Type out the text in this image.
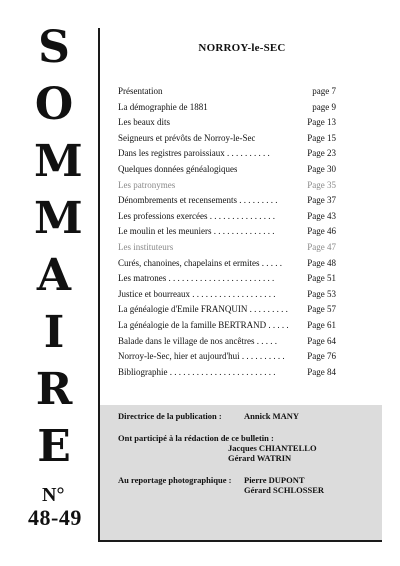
S
O
M
M
A
I
R
E
N°
48-49
NORROY-le-SEC
Présentation	page 7
La démographie de 1881	page 9
Les beaux dits	Page 13
Seigneurs et prévôts de Norroy-le-Sec	Page 15
Dans les registres paroissiaux . . . . . . . . . .	Page 23
Quelques données généalogiques	Page 30
Les patronymes	Page 35
Dénombrements et recensements . . . . . . . . .	Page 37
Les professions exercées . . . . . . . . . . . . . . .	Page 43
Le moulin et les meuniers . . . . . . . . . . . . . .	Page 46
Les instituteurs	Page 47
Curés, chanoines, chapelains et ermites . . . . .	Page 48
Les matrones . . . . . . . . . . . . . . . . . . . . . . . .	Page 51
Justice et bourreaux . . . . . . . . . . . . . . . . . . .	Page 53
La généalogie d'Emile FRANQUIN . . . . . . . . .	Page 57
La généalogie de la famille BERTRAND . . . . .	Page 61
Balade dans le village de nos ancêtres . . . . .	Page 64
Norroy-le-Sec, hier et aujourd'hui . . . . . . . . . .	Page 76
Bibliographie . . . . . . . . . . . . . . . . . . . . . . . .	Page 84
Directrice de la publication :	Annick MANY
Ont participé à la rédaction de ce bulletin :
Jacques CHIANTELLO
Gérard WATRIN
Au reportage photographique : Pierre DUPONT
Gérard SCHLOSSER
